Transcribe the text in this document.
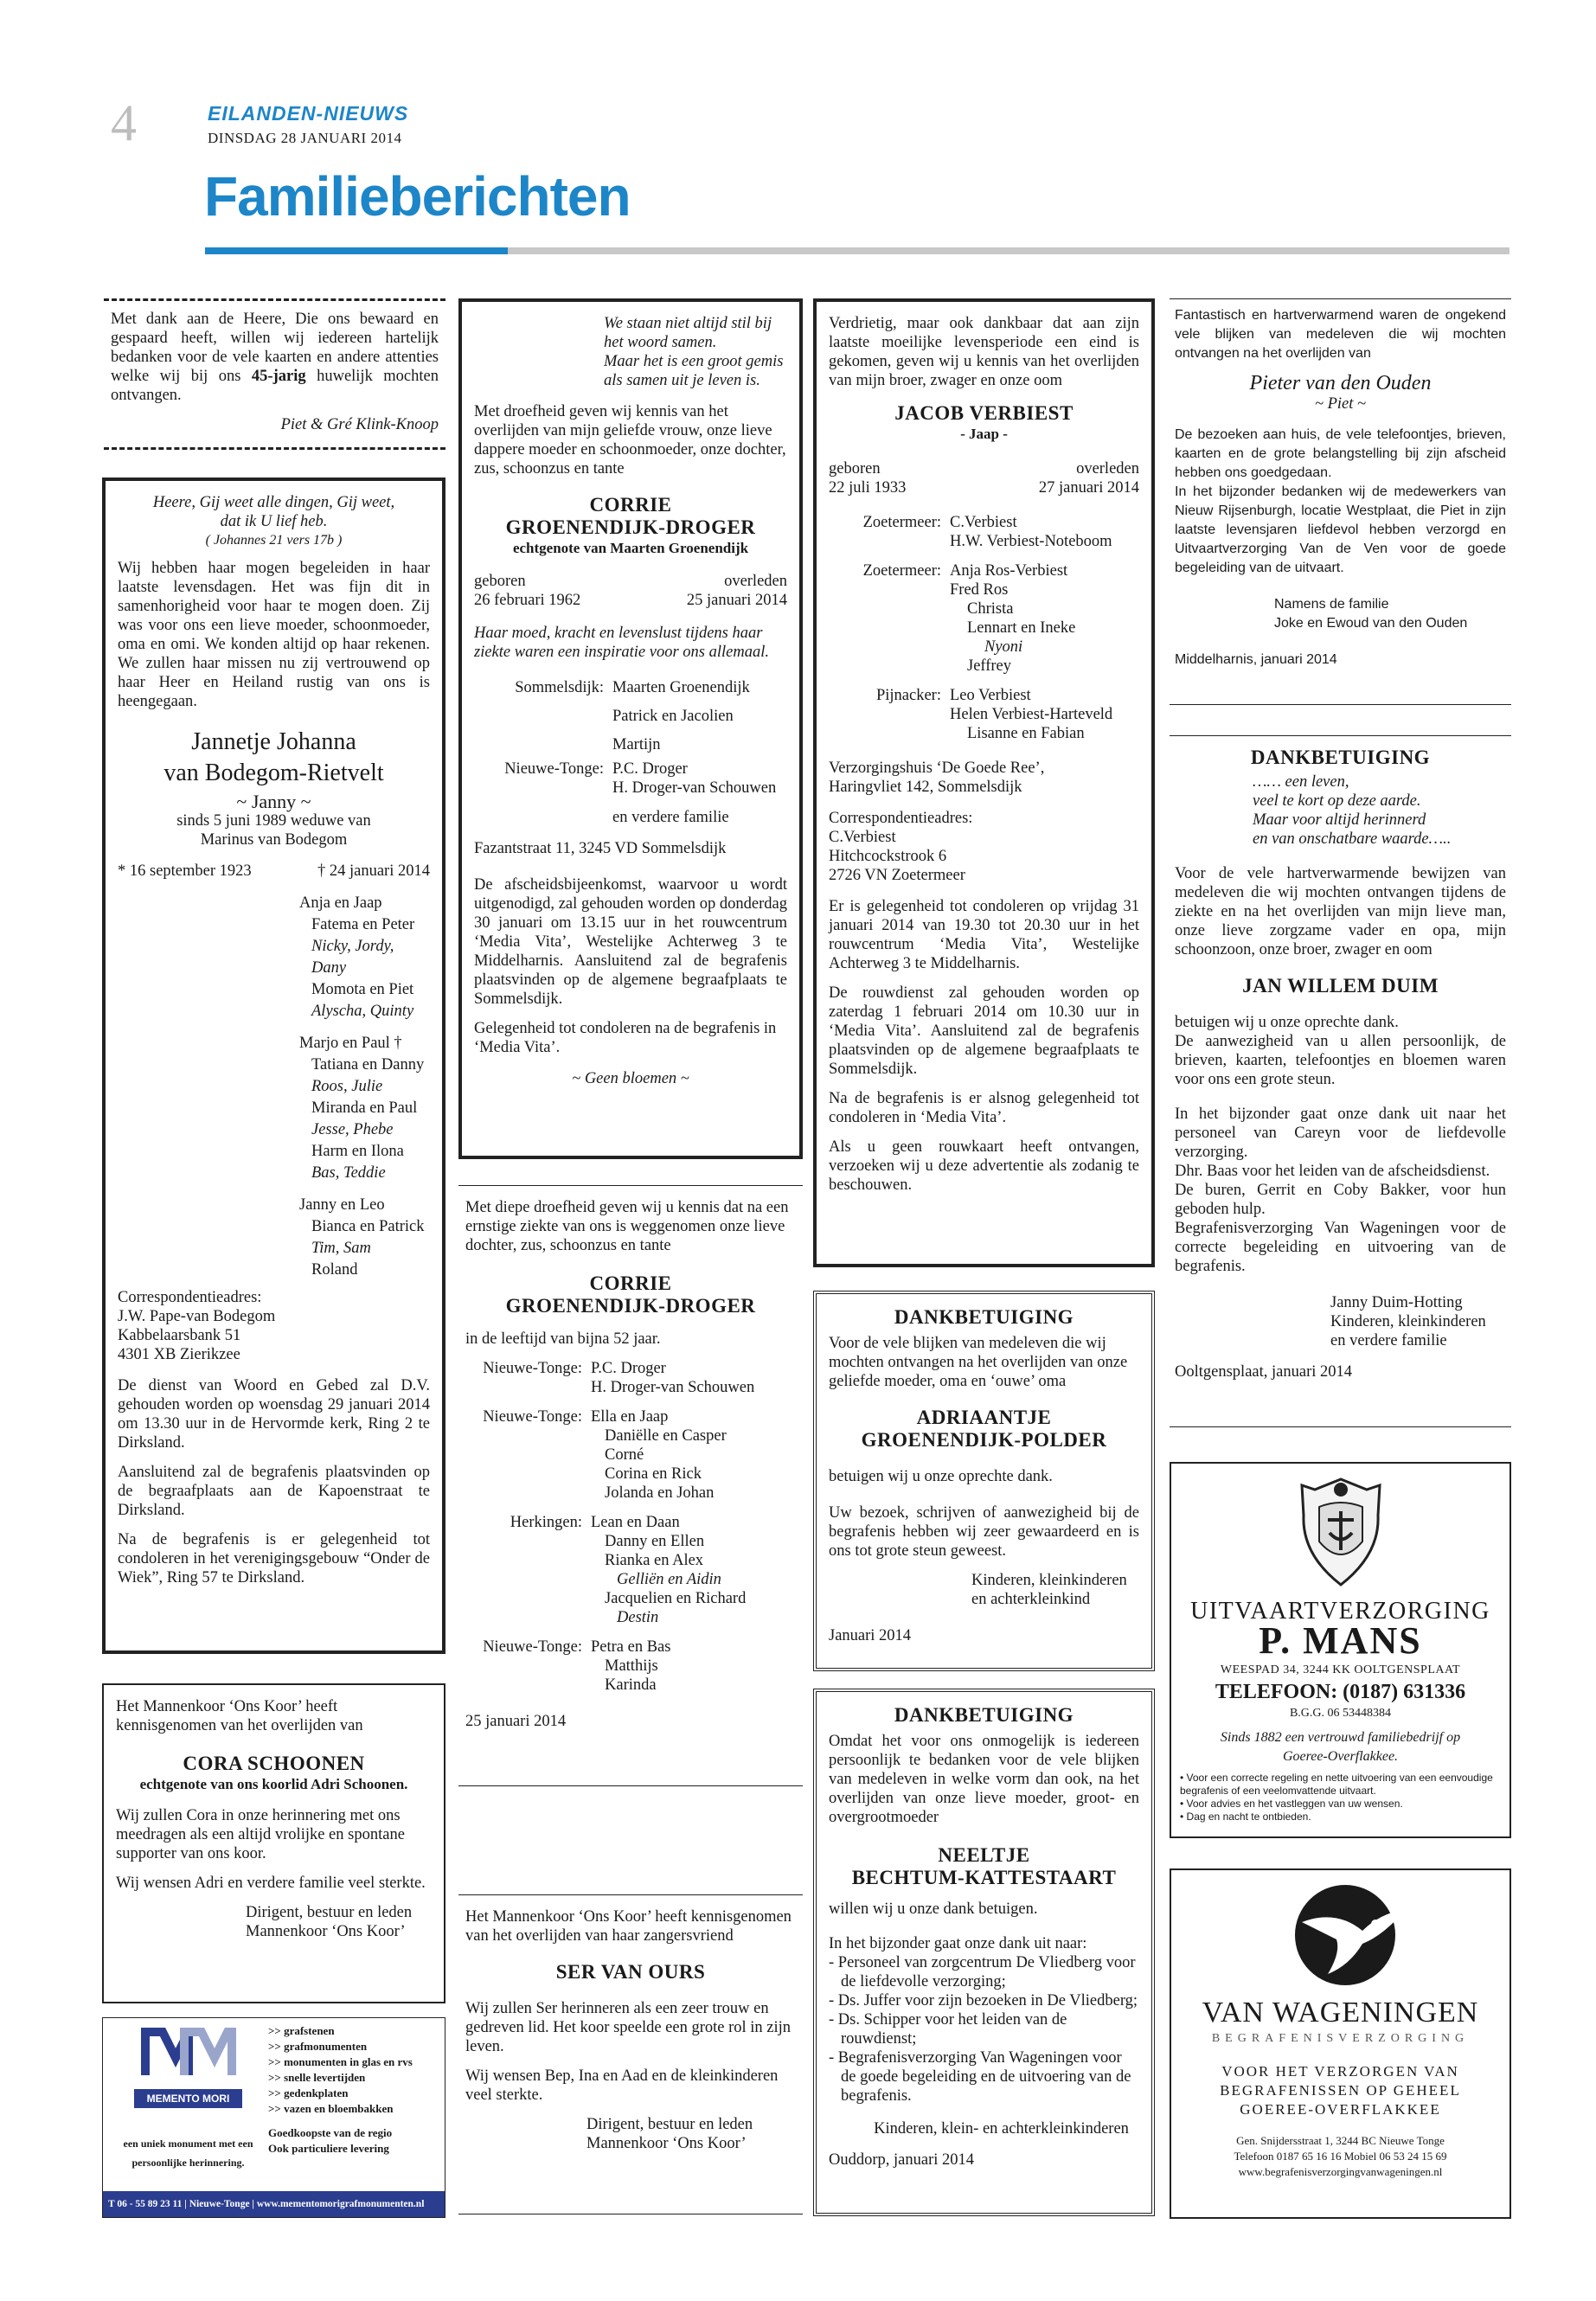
4	EILANDEN-NIEUWS
DINSDAG 28 JANUARI 2014
Familieberichten

Met dank aan de Heere, Die ons bewaard en gespaard heeft, willen wij iedereen hartelijk bedanken voor de vele kaarten en andere attenties welke wij bij ons 45-jarig huwelijk mochten ontvangen.

Piet & Gré Klink-Knoop
Heere, Gij weet alle dingen, Gij weet, dat ik U lief heb.
( Johannes 21 vers 17b )

Wij hebben haar mogen begeleiden in haar laatste levensdagen. Het was fijn dit in samenhorigheid voor haar te mogen doen. Zij was voor ons een lieve moeder, schoonmoeder, oma en omi. We konden altijd op haar rekenen. We zullen haar missen nu zij vertrouwend op haar Heer en Heiland rustig van ons is heengegaan.

Jannetje Johanna
van Bodegom-Rietvelt
~ Janny ~
sinds 5 juni 1989 weduwe van
Marinus van Bodegom
* 16 september 1923	† 24 januari 2014
Anja en Jaap
Fatema en Peter
Nicky, Jordy, Dany
Momota en Piet
Alyscha, Quinty
Marjo en Paul †
Tatiana en Danny
Roos, Julie
Miranda en Paul
Jesse, Phebe
Harm en Ilona
Bas, Teddie
Janny en Leo
Bianca en Patrick
Tim, Sam
Roland
Correspondentieadres:
J.W. Pape-van Bodegom
Kabbelaarsbank 51
4301 XB Zierikzee

De dienst van Woord en Gebed zal D.V. gehouden worden op woensdag 29 januari 2014 om 13.30 uur in de Hervormde kerk, Ring 2 te Dirksland.

Aansluitend zal de begrafenis plaatsvinden op de begraafplaats aan de Kapoenstraat te Dirksland.

Na de begrafenis is er gelegenheid tot condoleren in het verenigingsgebouw “Onder de Wiek”, Ring 57 te Dirksland.

Het Mannenkoor ‘Ons Koor’ heeft kennisgenomen van het overlijden van

CORA SCHOONEN
echtgenote van ons koorlid Adri Schoonen.

Wij zullen Cora in onze herinnering met ons meedragen als een altijd vrolijke en spontane supporter van ons koor.

Wij wensen Adri en verdere familie veel sterkte.

Dirigent, bestuur en leden
Mannenkoor ‘Ons Koor’
MEMENTO MORI
een uniek monument met een
persoonlijke herinnering.
>> grafstenen
>> grafmonumenten
>> monumenten in glas en rvs
>> snelle levertijden
>> gedenkplaten
>> vazen en bloembakken
Goedkoopste van de regio
Ook particuliere levering
T 06 - 55 89 23 11 | Nieuwe-Tonge | www.mementomorigrafmonumenten.nl
We staan niet altijd stil bij het woord samen.
Maar het is een groot gemis als samen uit je leven is.

Met droefheid geven wij kennis van het overlijden van mijn geliefde vrouw, onze lieve dappere moeder en schoonmoeder, onze dochter, zus, schoonzus en tante

CORRIE
GROENENDIJK-DROGER
echtgenote van Maarten Groenendijk
geboren	overleden
26 februari 1962	25 januari 2014

Haar moed, kracht en levenslust tijdens haar ziekte waren een inspiratie voor ons allemaal.

Sommelsdijk: Maarten Groenendijk
Patrick en Jacolien
Martijn
Nieuwe-Tonge: P.C. Droger
H. Droger-van Schouwen
en verdere familie

Fazantstraat 11, 3245 VD Sommelsdijk

De afscheidsbijeenkomst, waarvoor u wordt uitgenodigd, zal gehouden worden op donderdag 30 januari om 13.15 uur in het rouwcentrum ‘Media Vita’, Westelijke Achterweg 3 te Middelharnis. Aansluitend zal de begrafenis plaatsvinden op de algemene begraafplaats te Sommelsdijk.

Gelegenheid tot condoleren na de begrafenis in ‘Media Vita’.

~ Geen bloemen ~

Met diepe droefheid geven wij u kennis dat na een ernstige ziekte van ons is weggenomen onze lieve dochter, zus, schoonzus en tante

CORRIE
GROENENDIJK-DROGER

in de leeftijd van bijna 52 jaar.

Nieuwe-Tonge: P.C. Droger
H. Droger-van Schouwen
Nieuwe-Tonge: Ella en Jaap
Daniëlle en Casper
Corné
Corina en Rick
Jolanda en Johan
Herkingen: Lean en Daan
Danny en Ellen
Rianka en Alex
Gelliën en Aidin
Jacquelien en Richard
Destin
Nieuwe-Tonge: Petra en Bas
Matthijs
Karinda
25 januari 2014

Het Mannenkoor ‘Ons Koor’ heeft kennisgenomen van het overlijden van haar zangersvriend

SER VAN OURS

Wij zullen Ser herinneren als een zeer trouw en gedreven lid. Het koor speelde een grote rol in zijn leven.

Wij wensen Bep, Ina en Aad en de kleinkinderen veel sterkte.

Dirigent, bestuur en leden
Mannenkoor ‘Ons Koor’

Verdrietig, maar ook dankbaar dat aan zijn laatste moeilijke levensperiode een eind is gekomen, geven wij u kennis van het overlijden van mijn broer, zwager en onze oom

JACOB VERBIEST
- Jaap -
geboren	overleden
22 juli 1933	27 januari 2014
Zoetermeer: C.Verbiest
H.W. Verbiest-Noteboom
Zoetermeer: Anja Ros-Verbiest
Fred Ros
Christa
Lennart en Ineke
Nyoni
Jeffrey
Pijnacker: Leo Verbiest
Helen Verbiest-Harteveld
Lisanne en Fabian
Verzorgingshuis ‘De Goede Ree’,
Haringvliet 142, Sommelsdijk
Correspondentieadres:
C.Verbiest
Hitchcockstrook 6
2726 VN Zoetermeer

Er is gelegenheid tot condoleren op vrijdag 31 januari 2014 van 19.30 tot 20.30 uur in het rouwcentrum ‘Media Vita’, Westelijke Achterweg 3 te Middelharnis.

De rouwdienst zal gehouden worden op zaterdag 1 februari 2014 om 10.30 uur in ‘Media Vita’. Aansluitend zal de begrafenis plaatsvinden op de algemene begraafplaats te Sommelsdijk.

Na de begrafenis is er alsnog gelegenheid tot condoleren in ‘Media Vita’.

Als u geen rouwkaart heeft ontvangen, verzoeken wij u deze advertentie als zodanig te beschouwen.

DANKBETUIGING

Voor de vele blijken van medeleven die wij mochten ontvangen na het overlijden van onze geliefde moeder, oma en ‘ouwe’ oma

ADRIAANTJE
GROENENDIJK-POLDER

betuigen wij u onze oprechte dank.

Uw bezoek, schrijven of aanwezigheid bij de begrafenis hebben wij zeer gewaardeerd en is ons tot grote steun geweest.

Kinderen, kleinkinderen
en achterkleinkind
Januari 2014
DANKBETUIGING

Omdat het voor ons onmogelijk is iedereen persoonlijk te bedanken voor de vele blijken van medeleven in welke vorm dan ook, na het overlijden van onze lieve moeder, groot- en overgrootmoeder

NEELTJE
BECHTUM-KATTESTAART

willen wij u onze dank betuigen.

In het bijzonder gaat onze dank uit naar:
- Personeel van zorgcentrum De Vliedberg voor de liefdevolle verzorging;
- Ds. Juffer voor zijn bezoeken in De Vliedberg;
- Ds. Schipper voor het leiden van de rouwdienst;
- Begrafenisverzorging Van Wageningen voor de goede begeleiding en de uitvoering van de begrafenis.
Kinderen, klein- en achterkleinkinderen
Ouddorp, januari 2014

Fantastisch en hartverwarmend waren de ongekend vele blijken van medeleven die wij mochten ontvangen na het overlijden van

Pieter van den Ouden
~ Piet ~

De bezoeken aan huis, de vele telefoontjes, brieven, kaarten en de grote belangstelling bij zijn afscheid hebben ons goedgedaan.

In het bijzonder bedanken wij de medewerkers van Nieuw Rijsenburgh, locatie Westplaat, die Piet in zijn laatste levensjaren liefdevol hebben verzorgd en Uitvaartverzorging Van de Ven voor de goede begeleiding van de uitvaart.

Namens de familie
Joke en Ewoud van den Ouden
Middelharnis, januari 2014
DANKBETUIGING
…… een leven,
veel te kort op deze aarde.
Maar voor altijd herinnerd
en van onschatbare waarde…..

Voor de vele hartverwarmende bewijzen van medeleven die wij mochten ontvangen tijdens de ziekte en na het overlijden van mijn lieve man, onze lieve zorgzame vader en opa, mijn schoonzoon, onze broer, zwager en oom

JAN WILLEM DUIM
betuigen wij u onze oprechte dank.

De aanwezigheid van u allen persoonlijk, de brieven, kaarten, telefoontjes en bloemen waren voor ons een grote steun.

In het bijzonder gaat onze dank uit naar het personeel van Careyn voor de liefdevolle verzorging.

Dhr. Baas voor het leiden van de afscheidsdienst.

De buren, Gerrit en Coby Bakker, voor hun geboden hulp.

Begrafenisverzorging Van Wageningen voor de correcte begeleiding en uitvoering van de begrafenis.

Janny Duim-Hotting
Kinderen, kleinkinderen
en verdere familie
Ooltgensplaat, januari 2014
UITVAARTVERZORGING
P. MANS
WEESPAD 34, 3244 KK OOLTGENSPLAAT
TELEFOON: (0187) 631336
B.G.G. 06 53448384
Sinds 1882 een vertrouwd familiebedrijf op
Goeree-Overflakkee.
• Voor een correcte regeling en nette uitvoering van een eenvoudige begrafenis of een veelomvattende uitvaart.
• Voor advies en het vastleggen van uw wensen.
• Dag en nacht te ontbieden.
VAN WAGENINGEN
BEGRAFENISVERZORGING
VOOR HET VERZORGEN VAN
BEGRAFENISSEN OP GEHEEL
GOEREE-OVERFLAKKEE
Gen. Snijdersstraat 1, 3244 BC Nieuwe Tonge
Telefoon 0187 65 16 16 Mobiel 06 53 24 15 69
www.begrafenisverzorgingvanwageningen.nl
